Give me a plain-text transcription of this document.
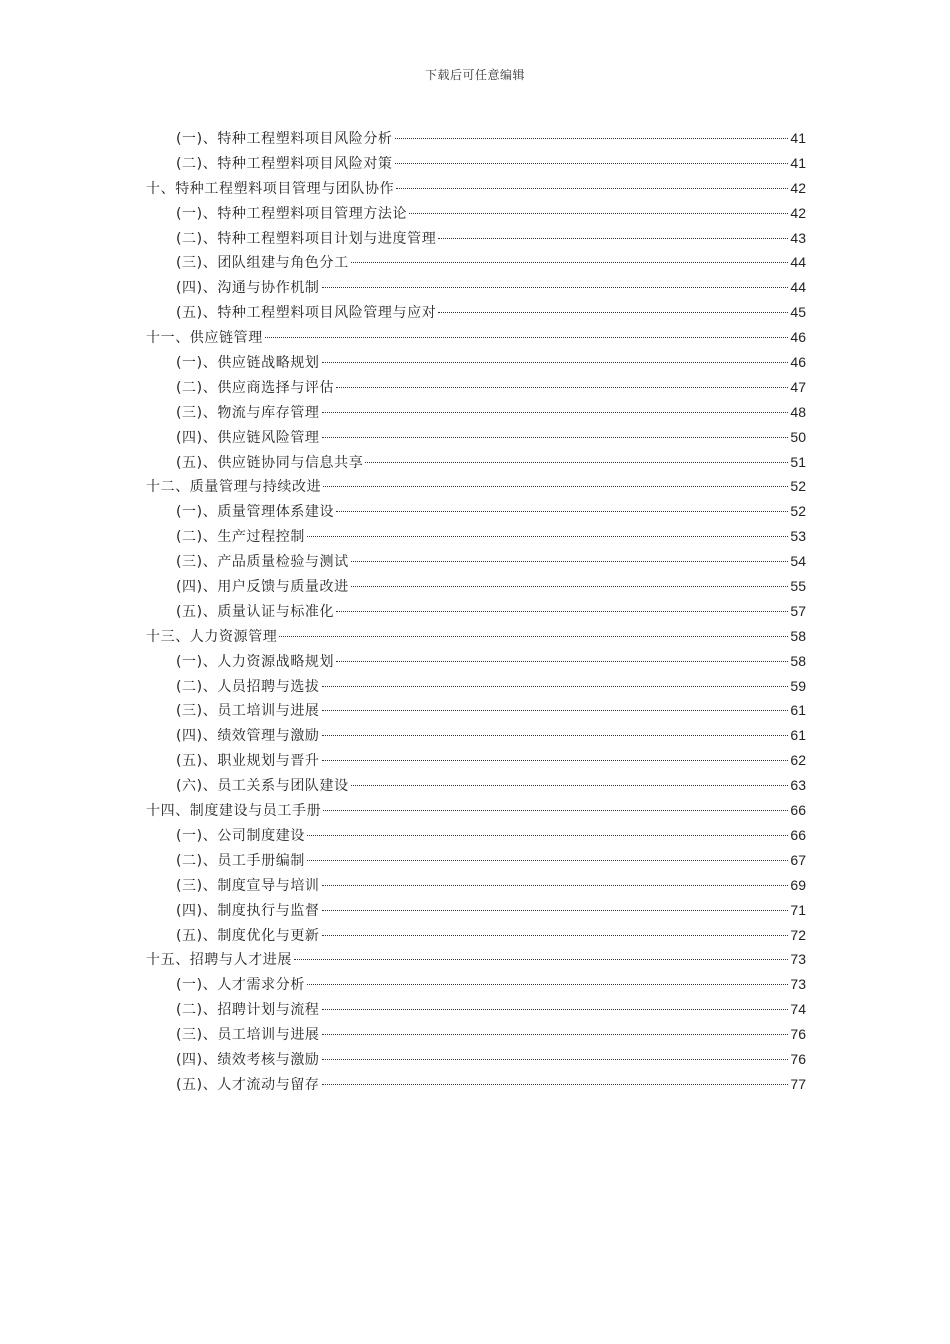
下载后可任意编辑
(一)、特种工程塑料项目风险分析	41
(二)、特种工程塑料项目风险对策	41
十、特种工程塑料项目管理与团队协作	42
(一)、特种工程塑料项目管理方法论	42
(二)、特种工程塑料项目计划与进度管理	43
(三)、团队组建与角色分工	44
(四)、沟通与协作机制	44
(五)、特种工程塑料项目风险管理与应对	45
十一、供应链管理	46
(一)、供应链战略规划	46
(二)、供应商选择与评估	47
(三)、物流与库存管理	48
(四)、供应链风险管理	50
(五)、供应链协同与信息共享	51
十二、质量管理与持续改进	52
(一)、质量管理体系建设	52
(二)、生产过程控制	53
(三)、产品质量检验与测试	54
(四)、用户反馈与质量改进	55
(五)、质量认证与标准化	57
十三、人力资源管理	58
(一)、人力资源战略规划	58
(二)、人员招聘与选拔	59
(三)、员工培训与进展	61
(四)、绩效管理与激励	61
(五)、职业规划与晋升	62
(六)、员工关系与团队建设	63
十四、制度建设与员工手册	66
(一)、公司制度建设	66
(二)、员工手册编制	67
(三)、制度宣导与培训	69
(四)、制度执行与监督	71
(五)、制度优化与更新	72
十五、招聘与人才进展	73
(一)、人才需求分析	73
(二)、招聘计划与流程	74
(三)、员工培训与进展	76
(四)、绩效考核与激励	76
(五)、人才流动与留存	77
